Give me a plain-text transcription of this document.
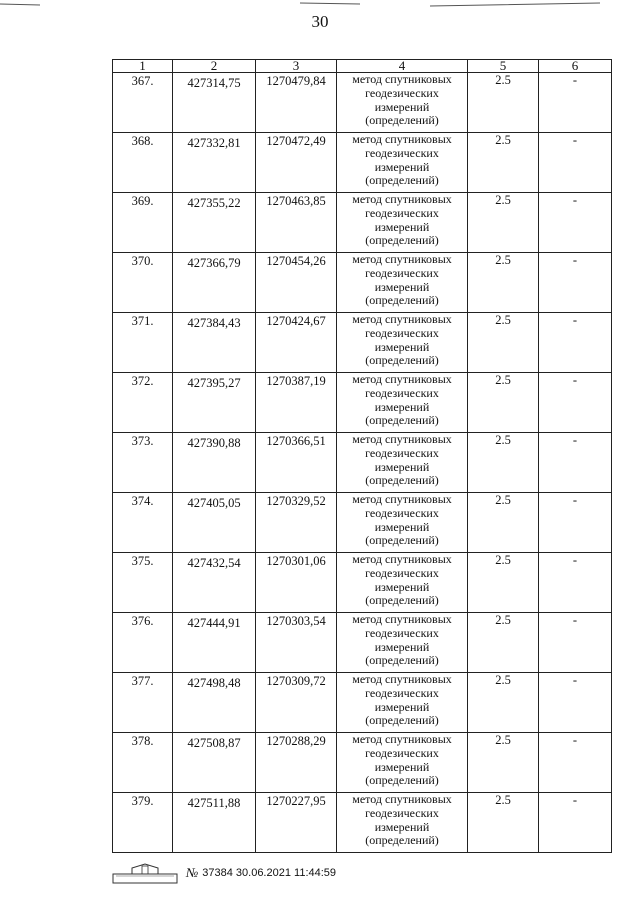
30
1	2	3	4	5	6
367.	427314,75	1270479,84	метод спутниковых геодезических измерений (определений)	2.5	-
368.	427332,81	1270472,49	метод спутниковых геодезических измерений (определений)	2.5	-
369.	427355,22	1270463,85	метод спутниковых геодезических измерений (определений)	2.5	-
370.	427366,79	1270454,26	метод спутниковых геодезических измерений (определений)	2.5	-
371.	427384,43	1270424,67	метод спутниковых геодезических измерений (определений)	2.5	-
372.	427395,27	1270387,19	метод спутниковых геодезических измерений (определений)	2.5	-
373.	427390,88	1270366,51	метод спутниковых геодезических измерений (определений)	2.5	-
374.	427405,05	1270329,52	метод спутниковых геодезических измерений (определений)	2.5	-
375.	427432,54	1270301,06	метод спутниковых геодезических измерений (определений)	2.5	-
376.	427444,91	1270303,54	метод спутниковых геодезических измерений (определений)	2.5	-
377.	427498,48	1270309,72	метод спутниковых геодезических измерений (определений)	2.5	-
378.	427508,87	1270288,29	метод спутниковых геодезических измерений (определений)	2.5	-
379.	427511,88	1270227,95	метод спутниковых геодезических измерений (определений)	2.5	-
№ 37384 30.06.2021 11:44:59
